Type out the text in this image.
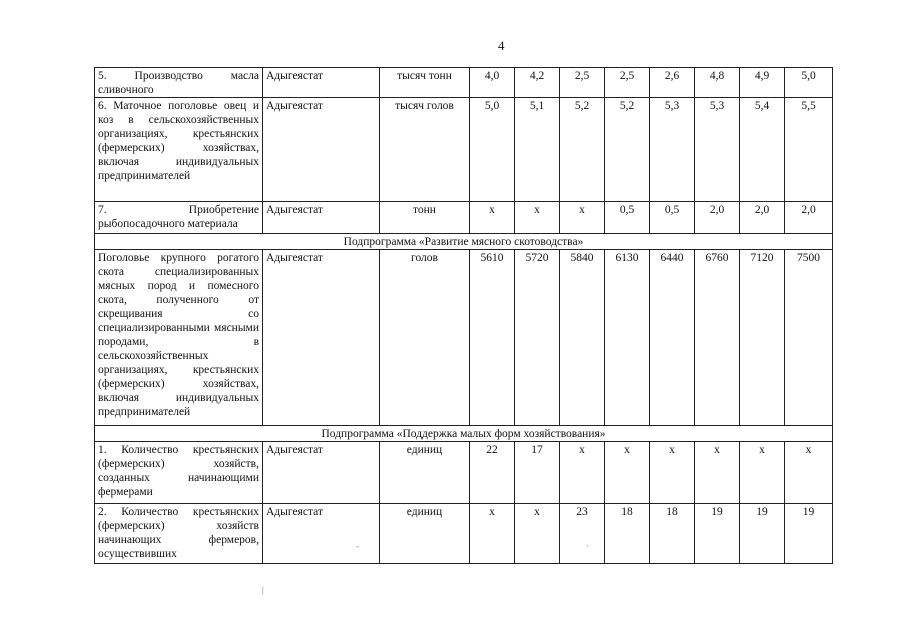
4
5. Производство масла сливочного	Адыгеястат	тысяч тонн	4,0	4,2	2,5	2,5	2,6	4,8	4,9	5,0
6. Маточное поголовье овец и коз в сельскохозяйственных организациях, крестьянских (фермерских) хозяйствах, включая индивидуальных предпринимателей	Адыгеястат	тысяч голов	5,0	5,1	5,2	5,2	5,3	5,3	5,4	5,5
7. Приобретение рыбопосадочного материала	Адыгеястат	тонн	х	х	х	0,5	0,5	2,0	2,0	2,0
Подпрограмма «Развитие мясного скотоводства»										
Поголовье крупного рогатого скота специализированных мясных пород и помесного скота, полученного от скрещивания со специализированными мясными породами, в сельскохозяйственных организациях, крестьянских (фермерских) хозяйствах, включая индивидуальных предпринимателей	Адыгеястат	голов	5610	5720	5840	6130	6440	6760	7120	7500
Подпрограмма «Поддержка малых форм хозяйствования»										
1. Количество крестьянских (фермерских) хозяйств, созданных начинающими фермерами	Адыгеястат	единиц	22	17	х	х	х	х	х	х
2. Количество крестьянских (фермерских) хозяйств начинающих фермеров, осуществивших	Адыгеястат	единиц	х	х	23	18	18	19	19	19
-	·
|
